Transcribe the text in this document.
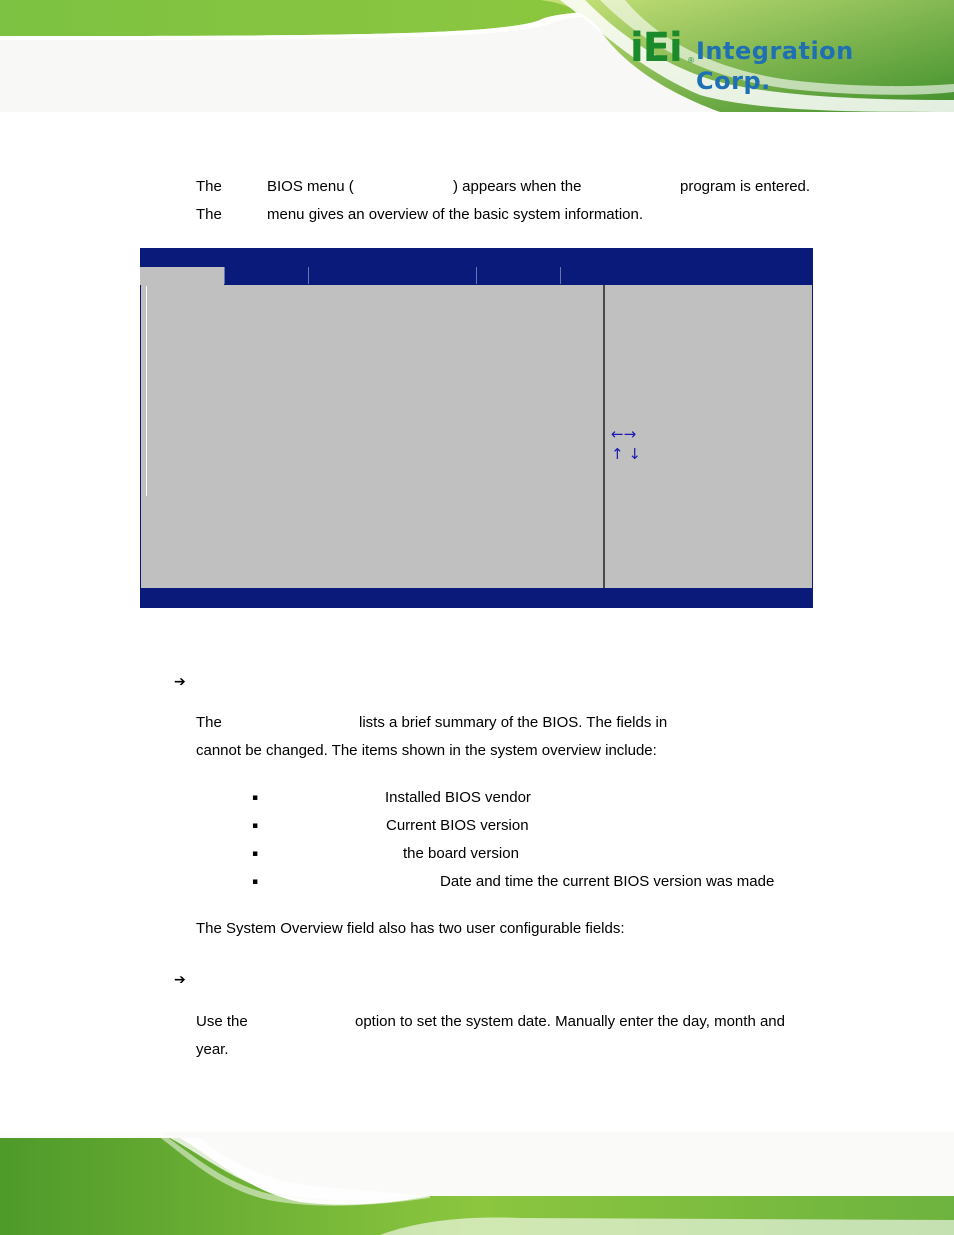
iEi ® Integration Corp.
The	BIOS menu (	) appears when the	program is entered.
The	menu gives an overview of the basic system information.
←→
↑ ↓
➔
The	lists a brief summary of the BIOS. The fields in
cannot be changed. The items shown in the system overview include:
▪	Installed BIOS vendor
▪	Current BIOS version
▪	the board version
▪	Date and time the current BIOS version was made
The System Overview field also has two user configurable fields:
➔
Use the	option to set the system date. Manually enter the day, month and
year.
